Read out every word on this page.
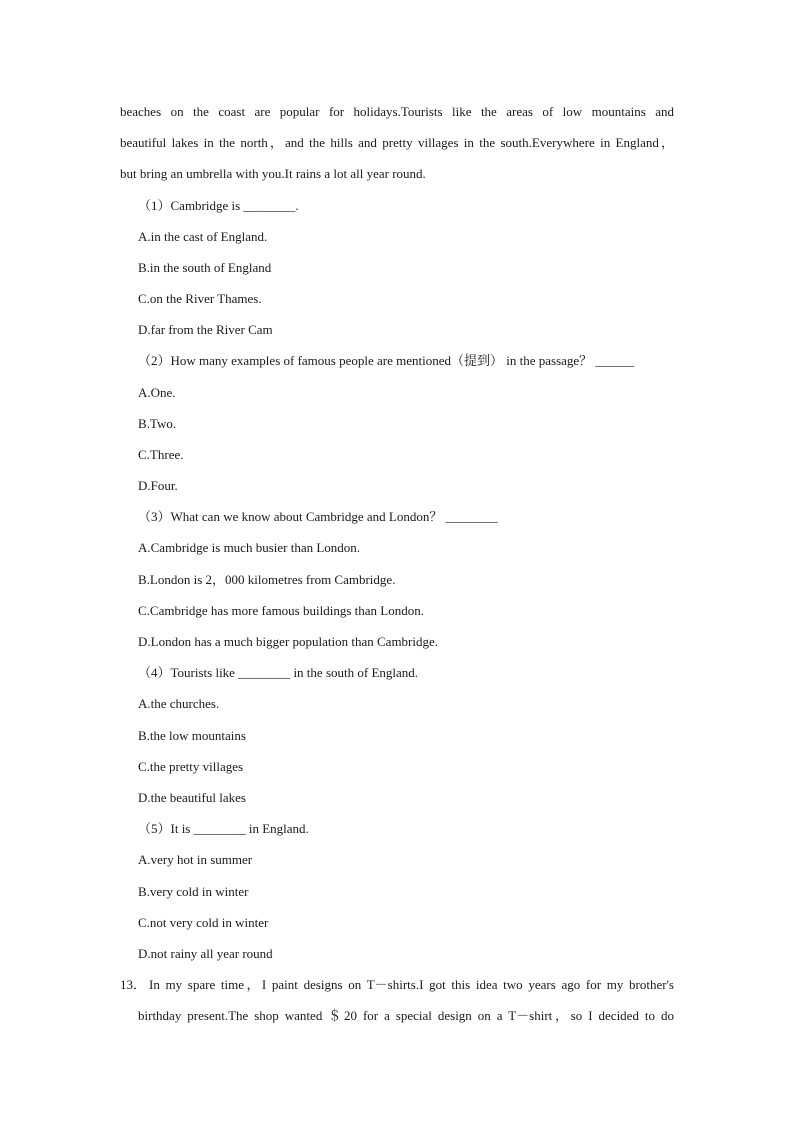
beaches on the coast are popular for holidays.Tourists like the areas of low mountains and
beautiful lakes in the north，and the hills and pretty villages in the south.Everywhere in England，
but bring an umbrella with you.It rains a lot all year round.
（1）Cambridge is ________.
A.in the cast of England.
B.in the south of England
C.on the River Thames.
D.far from the River Cam
（2）How many examples of famous people are mentioned（提到） in the passage？ ______
A.One.
B.Two.
C.Three.
D.Four.
（3）What can we know about Cambridge and London？ ________
A.Cambridge is much busier than London.
B.London is 2，000 kilometres from Cambridge.
C.Cambridge has more famous buildings than London.
D.London has a much bigger population than Cambridge.
（4）Tourists like ________ in the south of England.
A.the churches.
B.the low mountains
C.the pretty villages
D.the beautiful lakes
（5）It is ________ in England.
A.very hot in summer
B.very cold in winter
C.not very cold in winter
D.not rainy all year round
13． In my spare time，I paint designs on T－shirts.I got this idea two years ago for my brother's
birthday present.The shop wanted ＄20 for a special design on a T－shirt，so I decided to do
